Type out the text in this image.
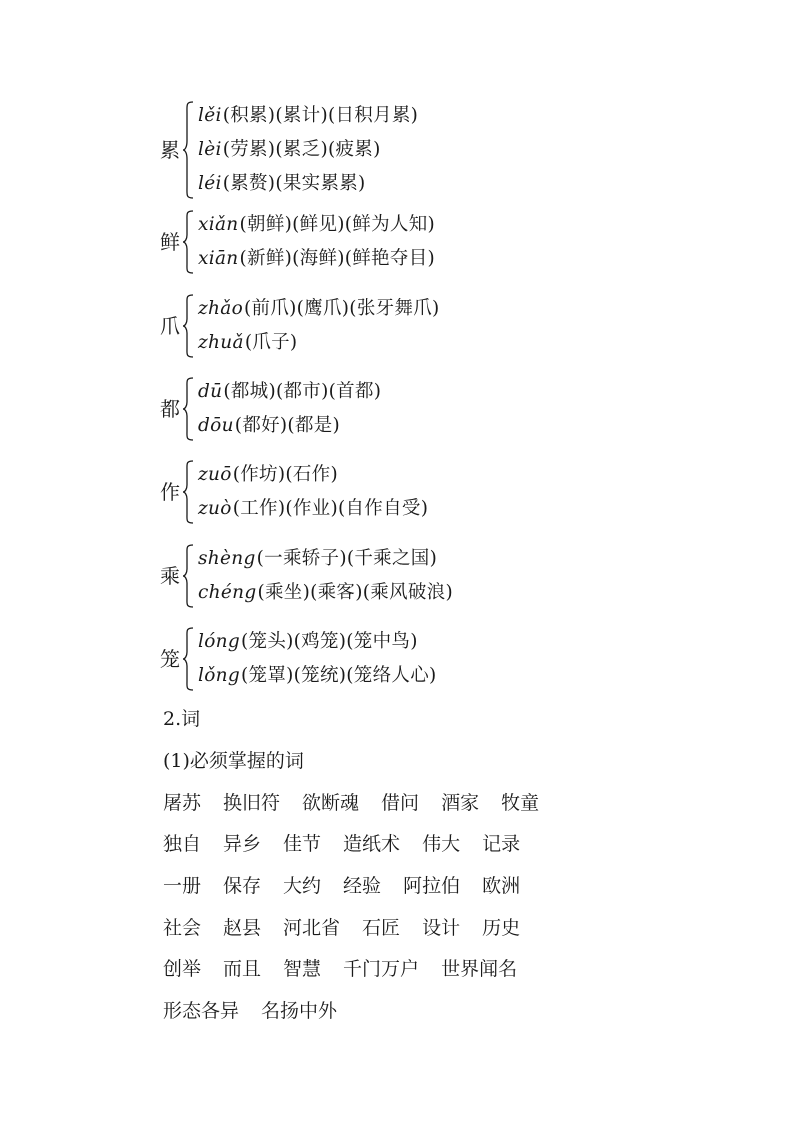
累
lěi(积累)(累计)(日积月累)
lèi(劳累)(累乏)(疲累)
léi(累赘)(果实累累)
鲜
xiǎn(朝鲜)(鲜见)(鲜为人知)
xiān(新鲜)(海鲜)(鲜艳夺目)
爪
zhǎo(前爪)(鹰爪)(张牙舞爪)
zhuǎ(爪子)
都
dū(都城)(都市)(首都)
dōu(都好)(都是)
作
zuō(作坊)(石作)
zuò(工作)(作业)(自作自受)
乘
shèng(一乘轿子)(千乘之国)
chéng(乘坐)(乘客)(乘风破浪)
笼
lóng(笼头)(鸡笼)(笼中鸟)
lǒng(笼罩)(笼统)(笼络人心)
2.词
(1)必须掌握的词
屠苏 换旧符 欲断魂 借问 酒家 牧童
独自 异乡 佳节 造纸术 伟大 记录
一册 保存 大约 经验 阿拉伯 欧洲
社会 赵县 河北省 石匠 设计 历史
创举 而且 智慧 千门万户 世界闻名
形态各异 名扬中外
